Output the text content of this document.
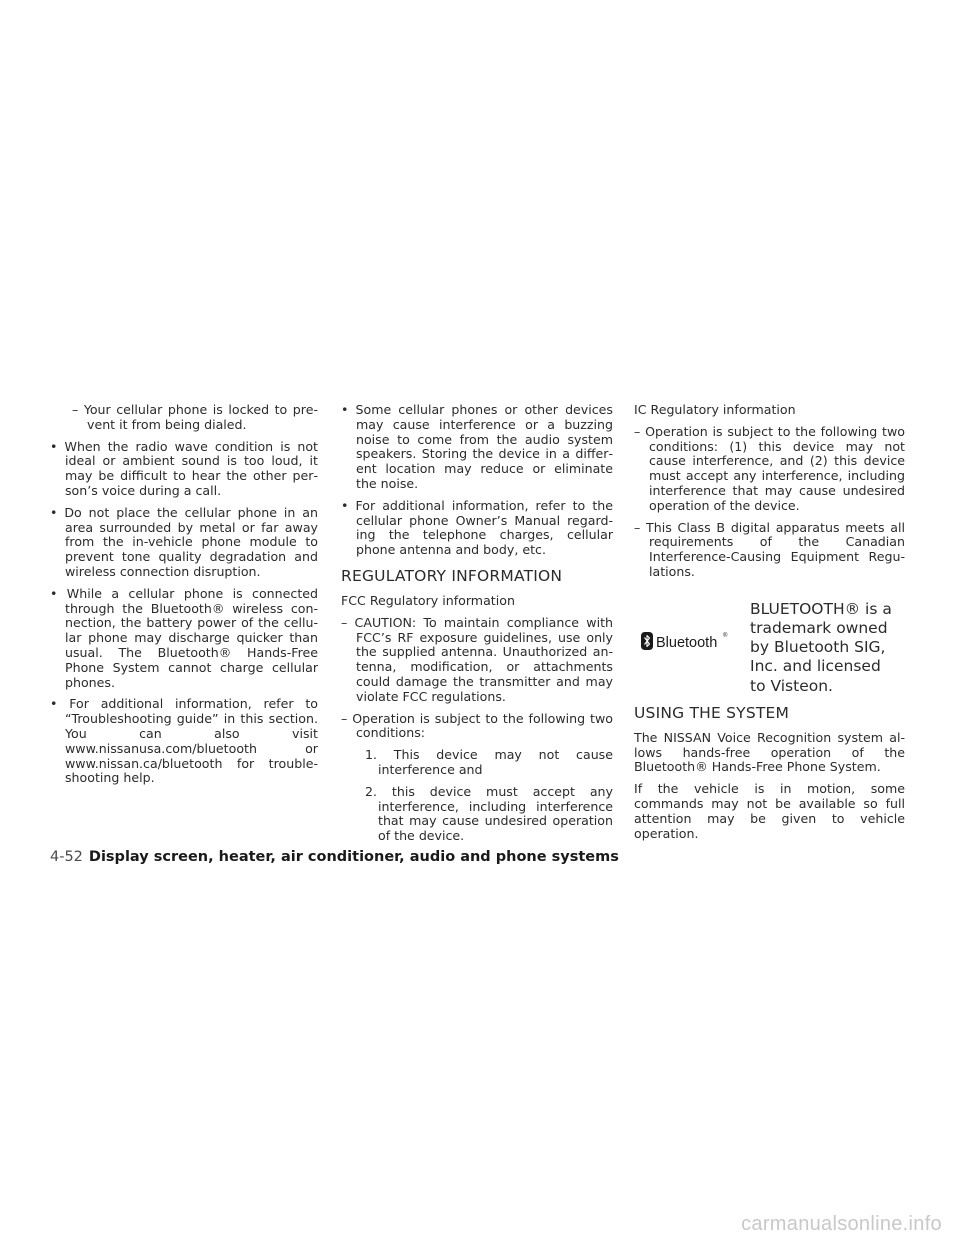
– Your cellular phone is locked to prevent it from being dialed.

• When the radio wave condition is not ideal or ambient sound is too loud, it may be difficult to hear the other person’s voice during a call.

• Do not place the cellular phone in an area surrounded by metal or far away from the in-vehicle phone module to prevent tone quality degradation and wireless connection disruption.

• While a cellular phone is connected through the Bluetooth® wireless connection, the battery power of the cellular phone may discharge quicker than usual. The Bluetooth® Hands-Free Phone System cannot charge cellular phones.

• For additional information, refer to “Troubleshooting guide” in this section. You can also visit www.nissanusa.com/bluetooth or www.nissan.ca/bluetooth for troubleshooting help.

• Some cellular phones or other devices may cause interference or a buzzing noise to come from the audio system speakers. Storing the device in a different location may reduce or eliminate the noise.

• For additional information, refer to the cellular phone Owner’s Manual regarding the telephone charges, cellular phone antenna and body, etc.

REGULATORY INFORMATION

FCC Regulatory information

– CAUTION: To maintain compliance with FCC’s RF exposure guidelines, use only the supplied antenna. Unauthorized antenna, modification, or attachments could damage the transmitter and may violate FCC regulations.

– Operation is subject to the following two conditions:

1. This device may not cause interference and

2. this device must accept any interference, including interference that may cause undesired operation of the device.

IC Regulatory information

– Operation is subject to the following two conditions: (1) this device may not cause interference, and (2) this device must accept any interference, including interference that may cause undesired operation of the device.

– This Class B digital apparatus meets all requirements of the Canadian Interference-Causing Equipment Regulations.

Bluetooth ®
BLUETOOTH® is a
trademark owned
by Bluetooth SIG,
Inc. and licensed
to Visteon.
USING THE SYSTEM

The NISSAN Voice Recognition system allows hands-free operation of the Bluetooth® Hands-Free Phone System.

If the vehicle is in motion, some commands may not be available so full attention may be given to vehicle operation.

4-52 Display screen, heater, air conditioner, audio and phone systems
carmanualsonline.info
